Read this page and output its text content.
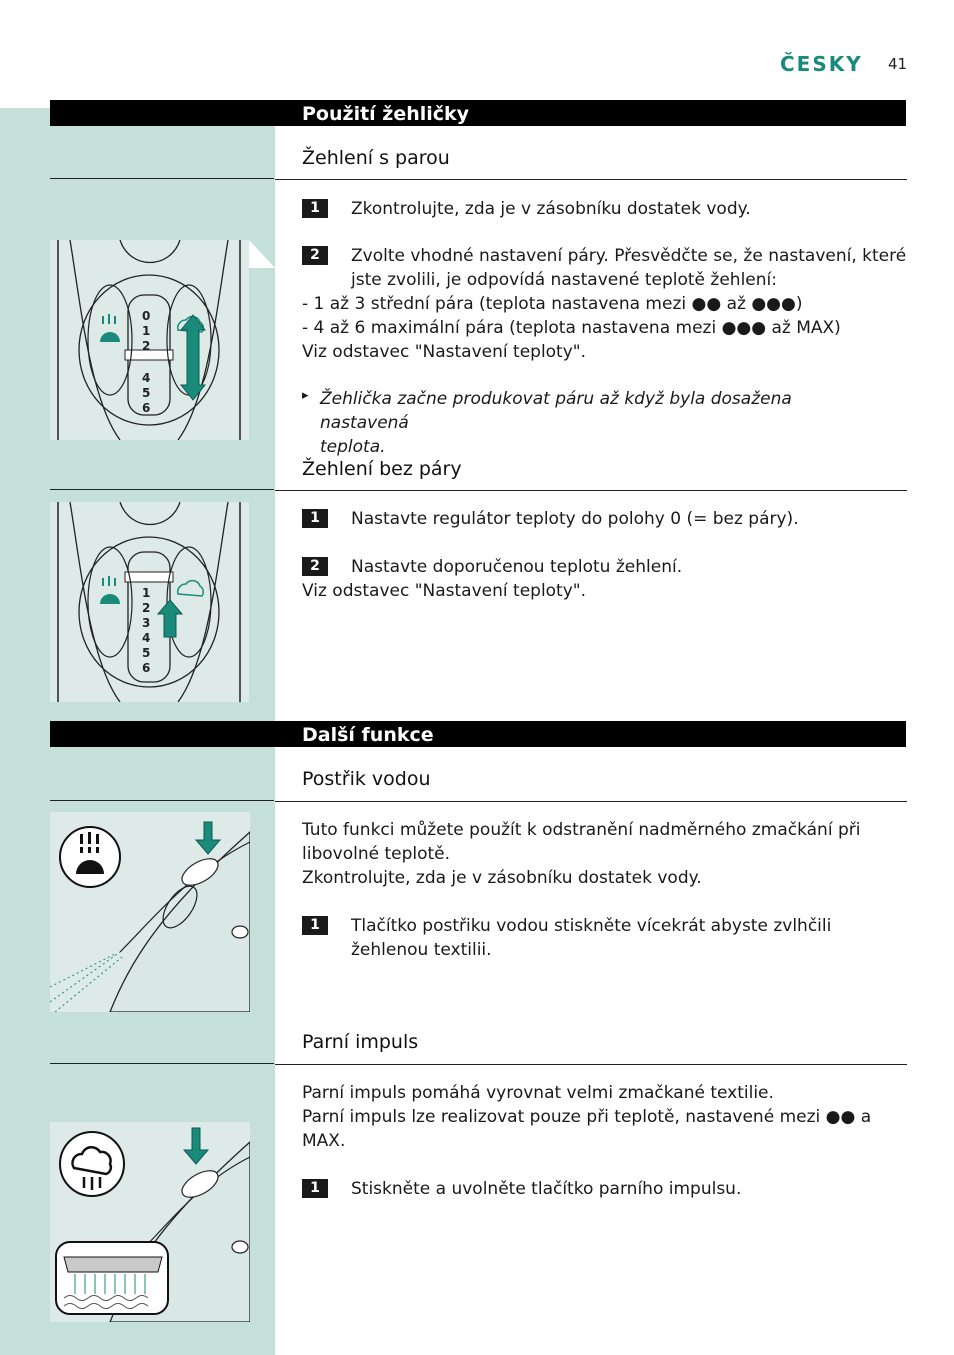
ČESKY 41
Použití žehličky
Žehlení s parou
1	Zkontrolujte, zda je v zásobníku dostatek vody.
2	Zvolte vhodné nastavení páry. Přesvědčte se, že nastavení, které
jste zvolili, je odpovídá nastavené teplotě žehlení:
- 1 až 3 střední pára (teplota nastavena mezi ●● až ●●●)
- 4 až 6 maximální pára (teplota nastavena mezi ●●● až MAX)
Viz odstavec "Nastavení teploty".
▸ Žehlička začne produkovat páru až když byla dosažena nastavená
teplota.
0
1
2
4
5
6
Žehlení bez páry
1	Nastavte regulátor teploty do polohy 0 (= bez páry).
2	Nastavte doporučenou teplotu žehlení.
Viz odstavec "Nastavení teploty".
1
2
3
4
5
6
Další funkce
Postřik vodou
Tuto funkci můžete použít k odstranění nadměrného zmačkání při
libovolné teplotě.
Zkontrolujte, zda je v zásobníku dostatek vody.
1	Tlačítko postřiku vodou stiskněte vícekrát abyste zvlhčili
žehlenou textilii.
Parní impuls
Parní impuls pomáhá vyrovnat velmi zmačkané textilie.
Parní impuls lze realizovat pouze při teplotě, nastavené mezi ●● a
MAX.
1	Stiskněte a uvolněte tlačítko parního impulsu.
